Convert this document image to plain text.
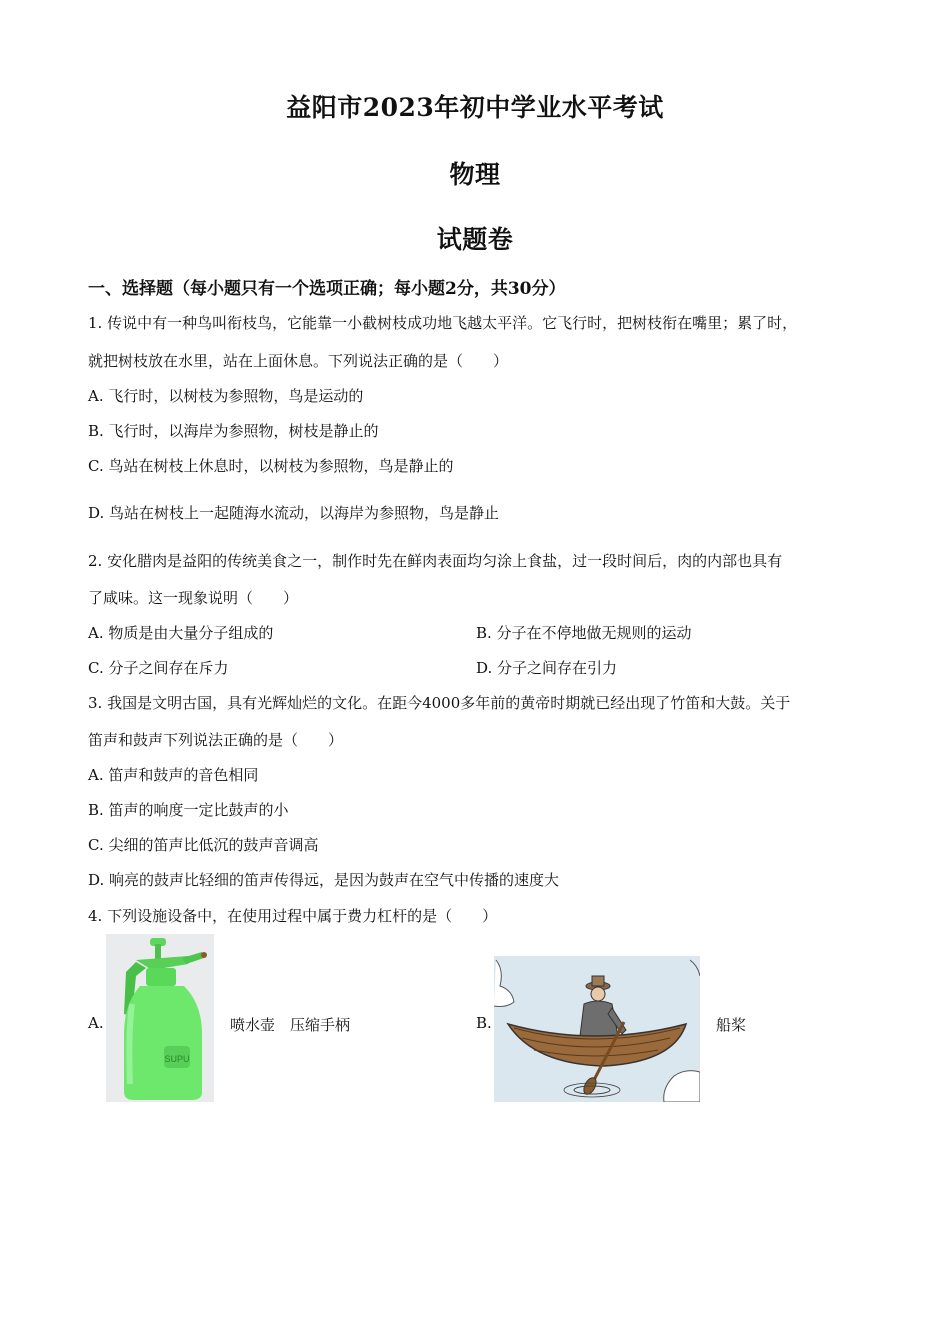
益阳市2023年初中学业水平考试
物理
试题卷
一、选择题（每小题只有一个选项正确；每小题2分，共30分）
1. 传说中有一种鸟叫衔枝鸟，它能靠一小截树枝成功地飞越太平洋。它飞行时，把树枝衔在嘴里；累了时，
就把树枝放在水里，站在上面休息。下列说法正确的是（　　）
A. 飞行时，以树枝为参照物，鸟是运动的
B. 飞行时，以海岸为参照物，树枝是静止的
C. 鸟站在树枝上休息时，以树枝为参照物，鸟是静止的
D. 鸟站在树枝上一起随海水流动，以海岸为参照物，鸟是静止
2. 安化腊肉是益阳的传统美食之一，制作时先在鲜肉表面均匀涂上食盐，过一段时间后，肉的内部也具有
了咸味。这一现象说明（　　）
A. 物质是由大量分子组成的	B. 分子在不停地做无规则的运动
C. 分子之间存在斥力	D. 分子之间存在引力
3. 我国是文明古国，具有光辉灿烂的文化。在距今4000多年前的黄帝时期就已经出现了竹笛和大鼓。关于
笛声和鼓声下列说法正确的是（　　）
A. 笛声和鼓声的音色相同
B. 笛声的响度一定比鼓声的小
C. 尖细的笛声比低沉的鼓声音调高
D. 响亮的鼓声比轻细的笛声传得远，是因为鼓声在空气中传播的速度大
4. 下列设施设备中，在使用过程中属于费力杠杆的是（　　）
A.
SUPU
喷水壶　压缩手柄	B.	船桨
